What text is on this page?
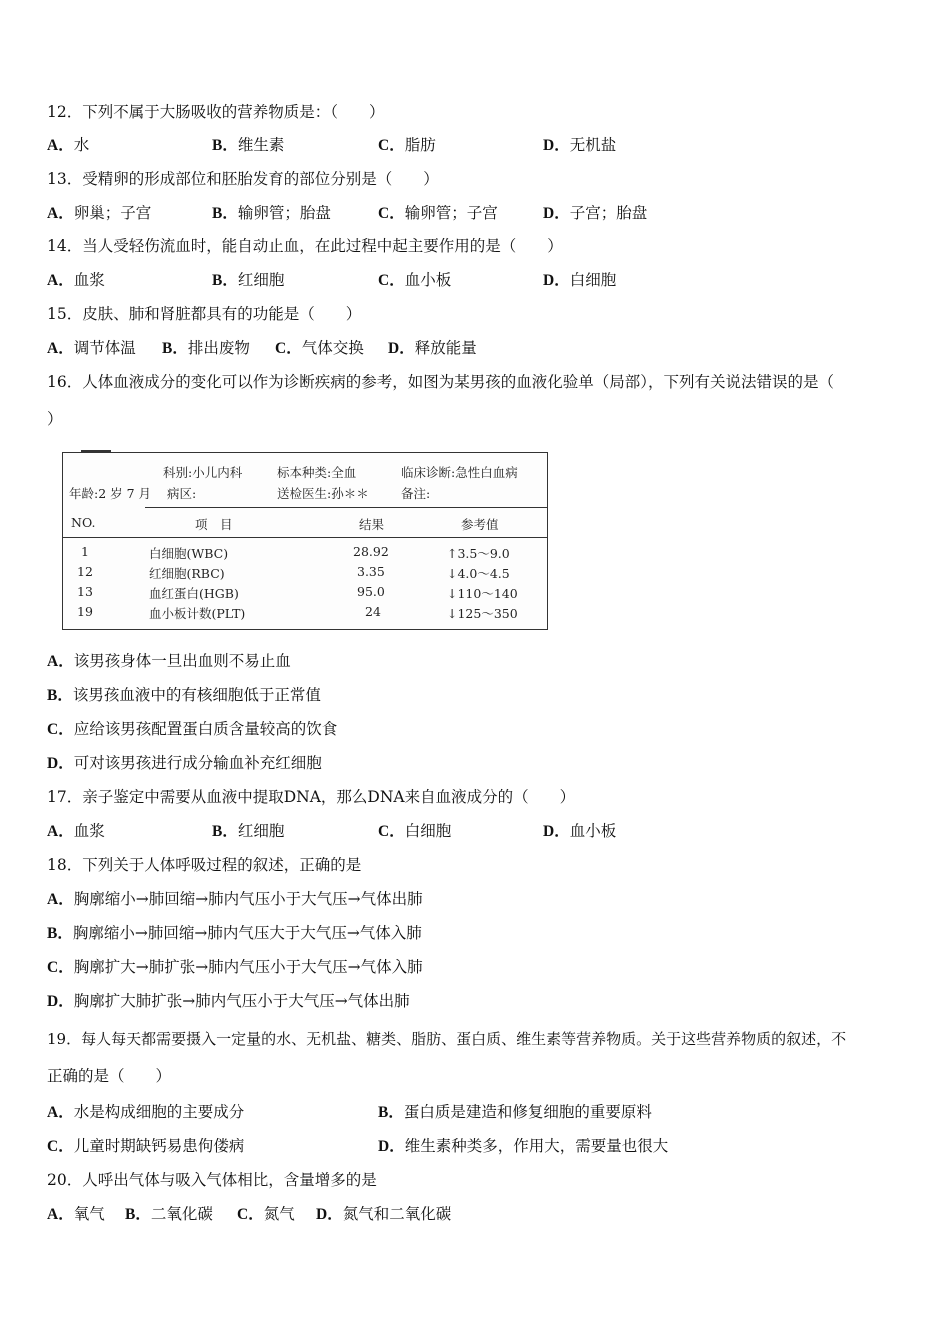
12．下列不属于大肠吸收的营养物质是：（　　）
A．水	B．维生素	C．脂肪	D．无机盐
13．受精卵的形成部位和胚胎发育的部位分别是（　　）
A．卵巢；子宫	B．输卵管；胎盘	C．输卵管；子宫	D．子宫；胎盘
14．当人受轻伤流血时，能自动止血，在此过程中起主要作用的是（　　）
A．血浆	B．红细胞	C．血小板	D．白细胞
15．皮肤、肺和肾脏都具有的功能是（　　）
A．调节体温 B．排出废物 C．气体交换 D．释放能量
16．人体血液成分的变化可以作为诊断疾病的参考，如图为某男孩的血液化验单（局部），下列有关说法错误的是（
）
科别:小儿内科	标本种类:全血	临床诊断:急性白血病
年龄:2 岁 7 月 病区:	送检医生:孙＊＊	备注:
NO.	项　目	结果	参考值
1	白细胞(WBC)	28.92	↑3.5～9.0
12	红细胞(RBC)	3.35	↓4.0～4.5
13	血红蛋白(HGB)	95.0	↓110～140
19	血小板计数(PLT)	24	↓125～350
A．该男孩身体一旦出血则不易止血
B．该男孩血液中的有核细胞低于正常值
C．应给该男孩配置蛋白质含量较高的饮食
D．可对该男孩进行成分输血补充红细胞
17．亲子鉴定中需要从血液中提取DNA，那么DNA来自血液成分的（　　）
A．血浆	B．红细胞	C．白细胞	D．血小板
18．下列关于人体呼吸过程的叙述，正确的是
A．胸廓缩小→肺回缩→肺内气压小于大气压→气体出肺
B．胸廓缩小→肺回缩→肺内气压大于大气压→气体入肺
C．胸廓扩大→肺扩张→肺内气压小于大气压→气体入肺
D．胸廓扩大肺扩张→肺内气压小于大气压→气体出肺
19．每人每天都需要摄入一定量的水、无机盐、糖类、脂肪、蛋白质、维生素等营养物质。关于这些营养物质的叙述，不
正确的是（　　）
A．水是构成细胞的主要成分	B．蛋白质是建造和修复细胞的重要原料
C．儿童时期缺钙易患佝偻病	D．维生素种类多，作用大，需要量也很大
20．人呼出气体与吸入气体相比，含量增多的是
A．氧气 B．二氧化碳 C．氮气 D．氮气和二氧化碳
